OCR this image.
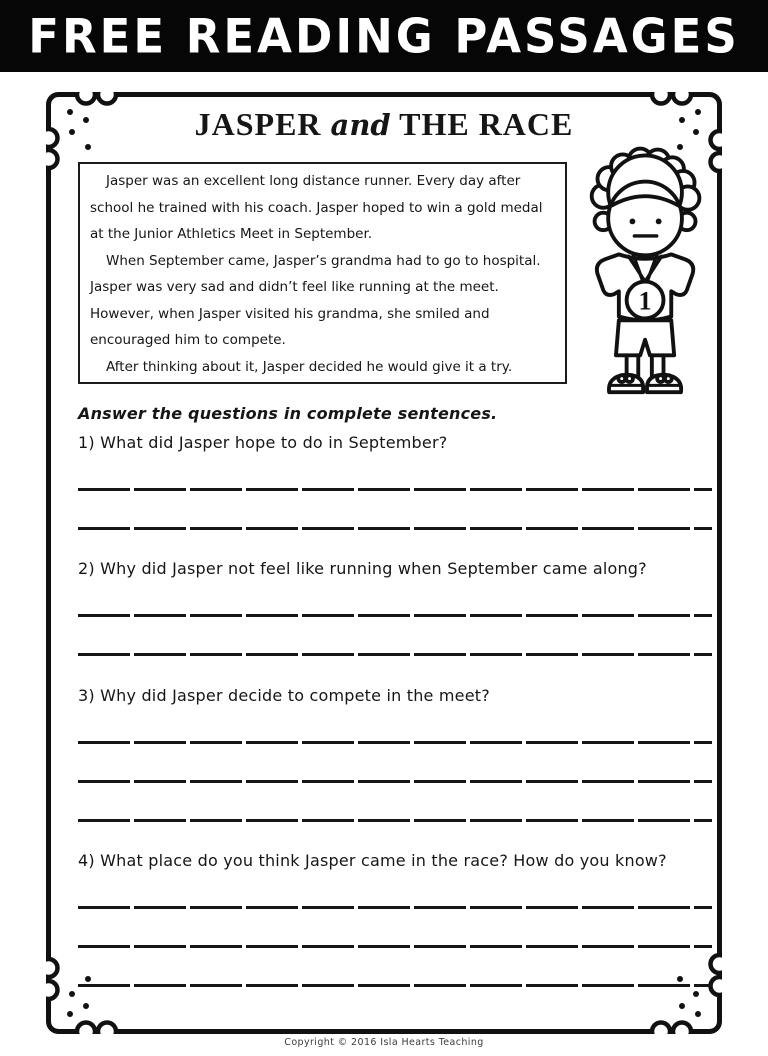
FREE READING PASSAGES
JASPER and THE RACE

Jasper was an excellent long distance runner. Every day after school he trained with his coach. Jasper hoped to win a gold medal at the Junior Athletics Meet in September.

When September came, Jasper’s grandma had to go to hospital. Jasper was very sad and didn’t feel like running at the meet. However, when Jasper visited his grandma, she smiled and encouraged him to compete.

After thinking about it, Jasper decided he would give it a try.

1

Answer the questions in complete sentences.

1) What did Jasper hope to do in September?

2) Why did Jasper not feel like running when September came along?

3) Why did Jasper decide to compete in the meet?

4) What place do you think Jasper came in the race? How do you know?

Copyright © 2016 Isla Hearts Teaching
